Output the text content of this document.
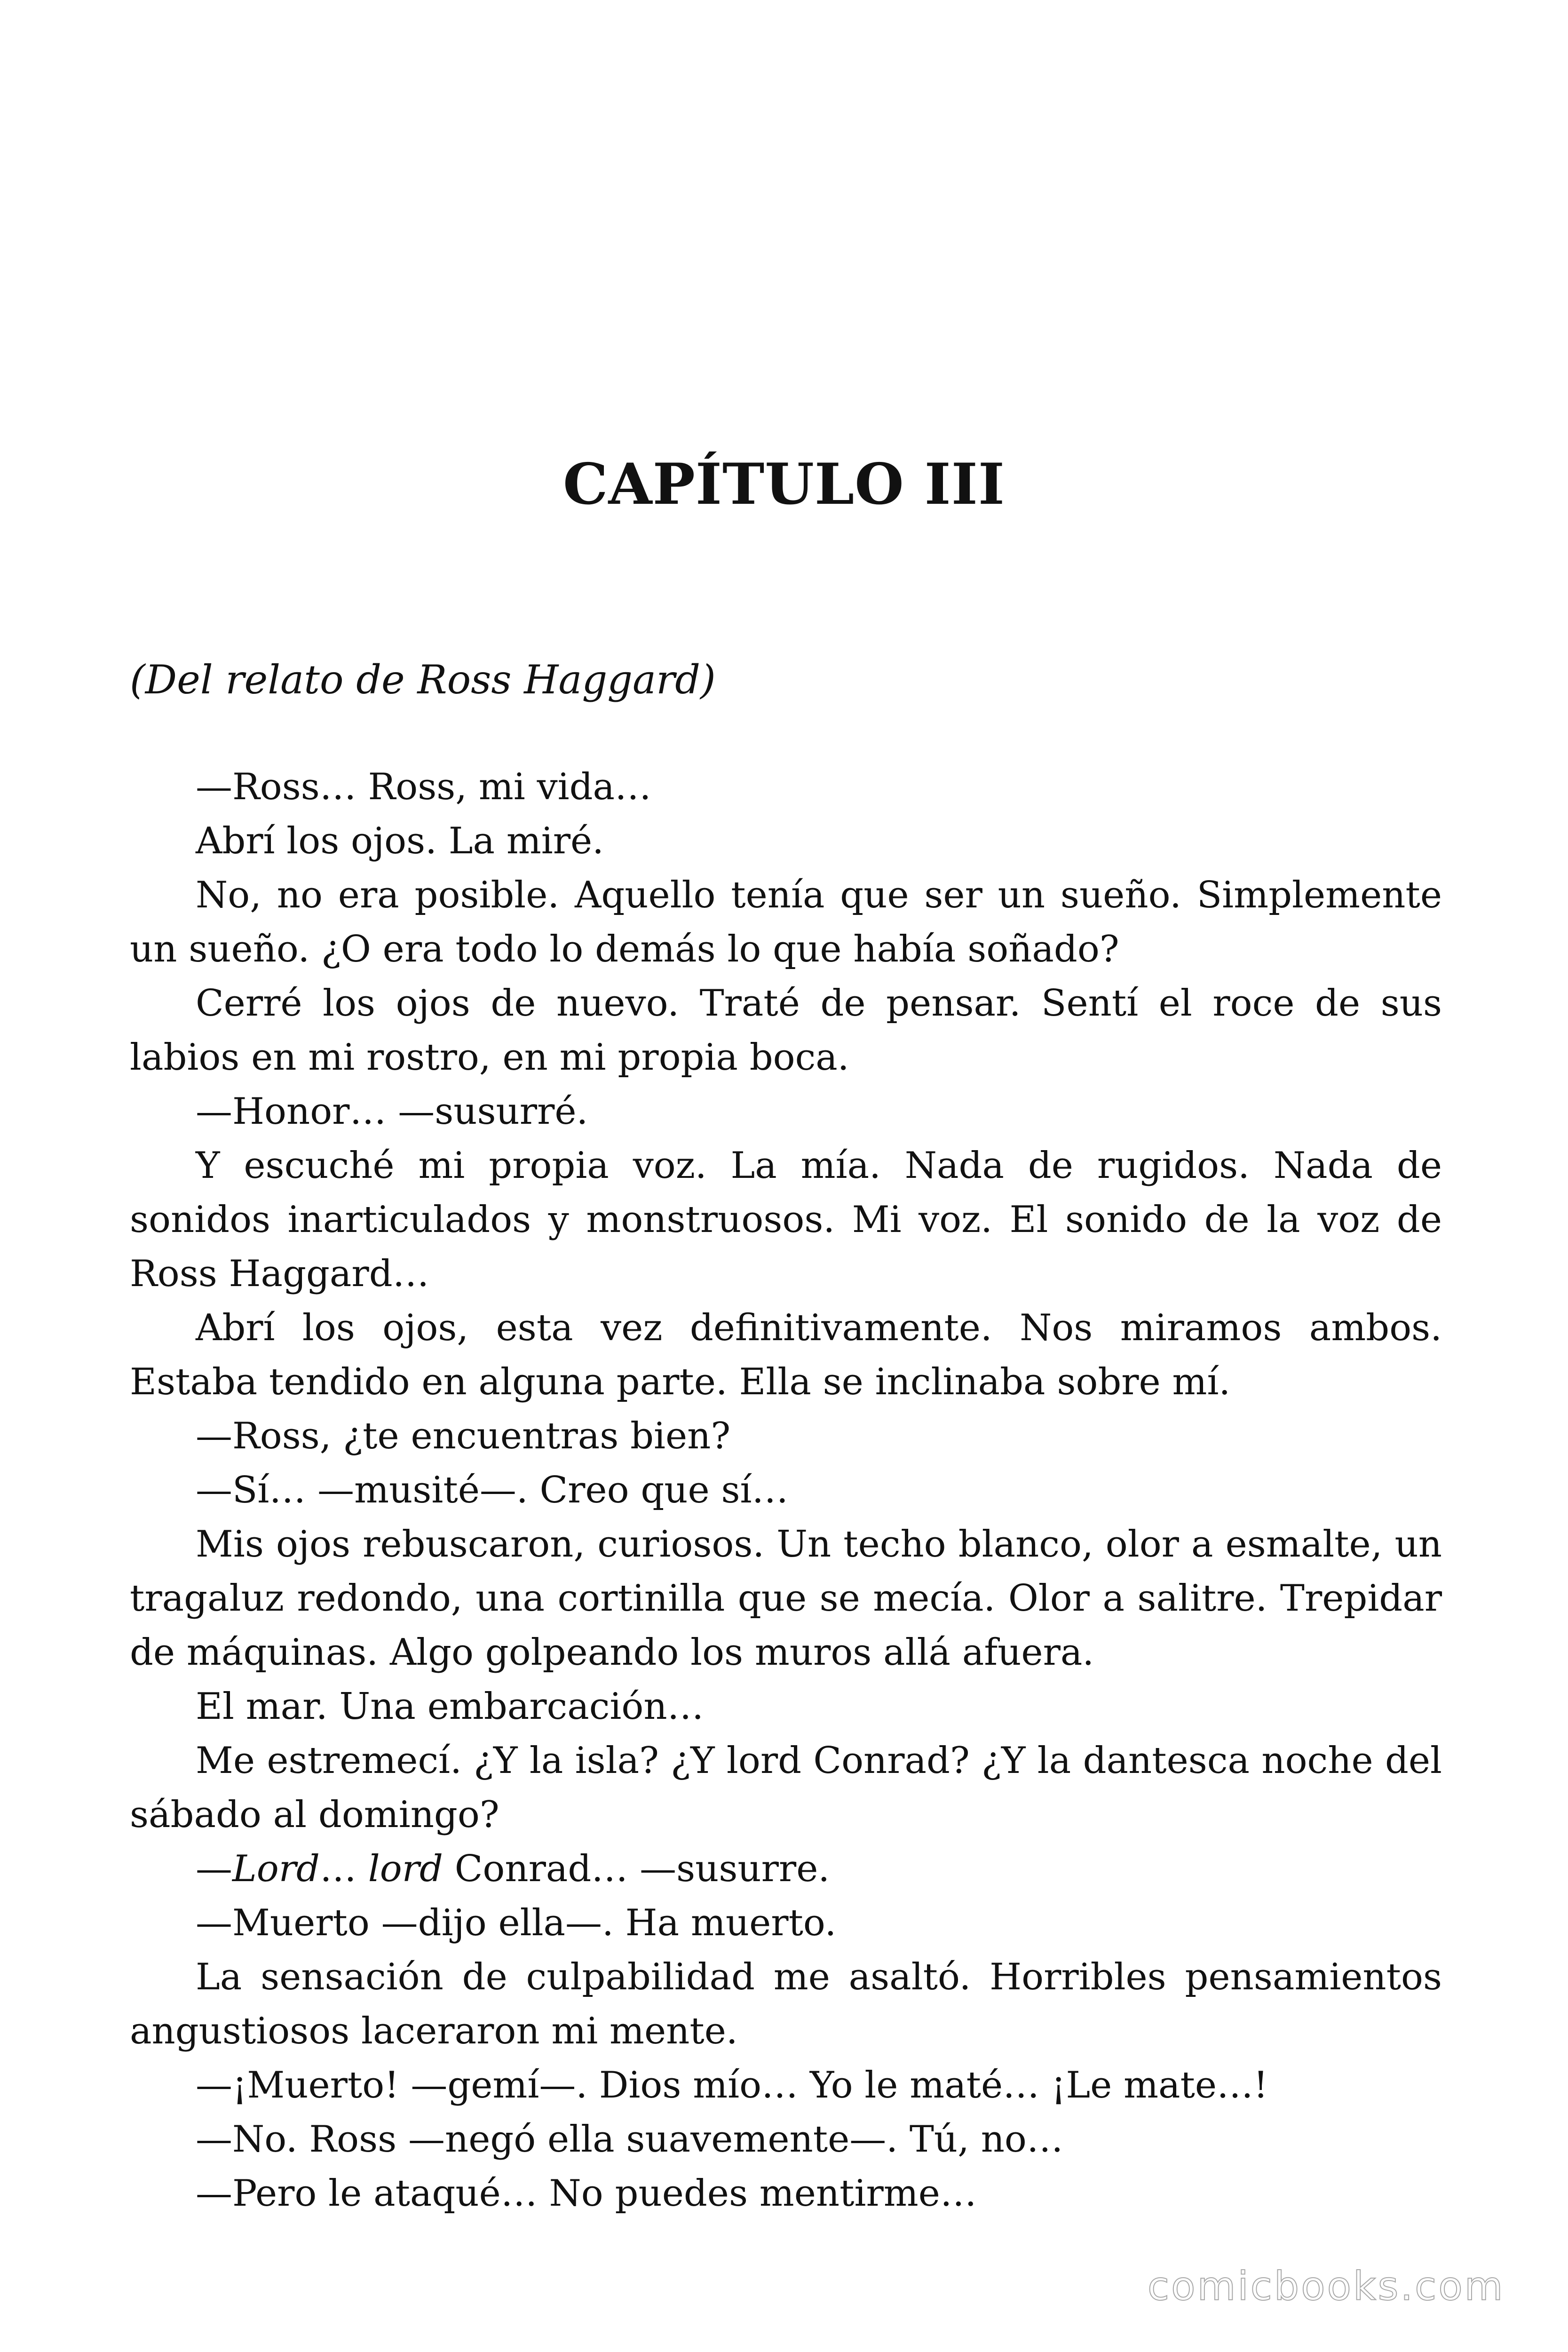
CAPÍTULO III

(Del relato de Ross Haggard)

—Ross… Ross, mi vida…

Abrí los ojos. La miré.

No, no era posible. Aquello tenía que ser un sueño. Simplemente un sueño. ¿O era todo lo demás lo que había soñado?

Cerré los ojos de nuevo. Traté de pensar. Sentí el roce de sus labios en mi rostro, en mi propia boca.

—Honor… —susurré.

Y escuché mi propia voz. La mía. Nada de rugidos. Nada de sonidos inarticulados y monstruosos. Mi voz. El sonido de la voz de Ross Haggard…

Abrí los ojos, esta vez definitivamente. Nos miramos ambos. Estaba tendido en alguna parte. Ella se inclinaba sobre mí.

—Ross, ¿te encuentras bien?

—Sí… —musité—. Creo que sí…

Mis ojos rebuscaron, curiosos. Un techo blanco, olor a esmalte, un tragaluz redondo, una cortinilla que se mecía. Olor a salitre. Trepidar de máquinas. Algo golpeando los muros allá afuera.

El mar. Una embarcación…

Me estremecí. ¿Y la isla? ¿Y lord Conrad? ¿Y la dantesca noche del sábado al domingo?

—Lord… lord Conrad… —susurre.

—Muerto —dijo ella—. Ha muerto.

La sensación de culpabilidad me asaltó. Horribles pensamientos angustiosos laceraron mi mente.

—¡Muerto! —gemí—. Dios mío… Yo le maté… ¡Le mate…!

—No. Ross —negó ella suavemente—. Tú, no…

—Pero le ataqué… No puedes mentirme…

comicbooks.com
